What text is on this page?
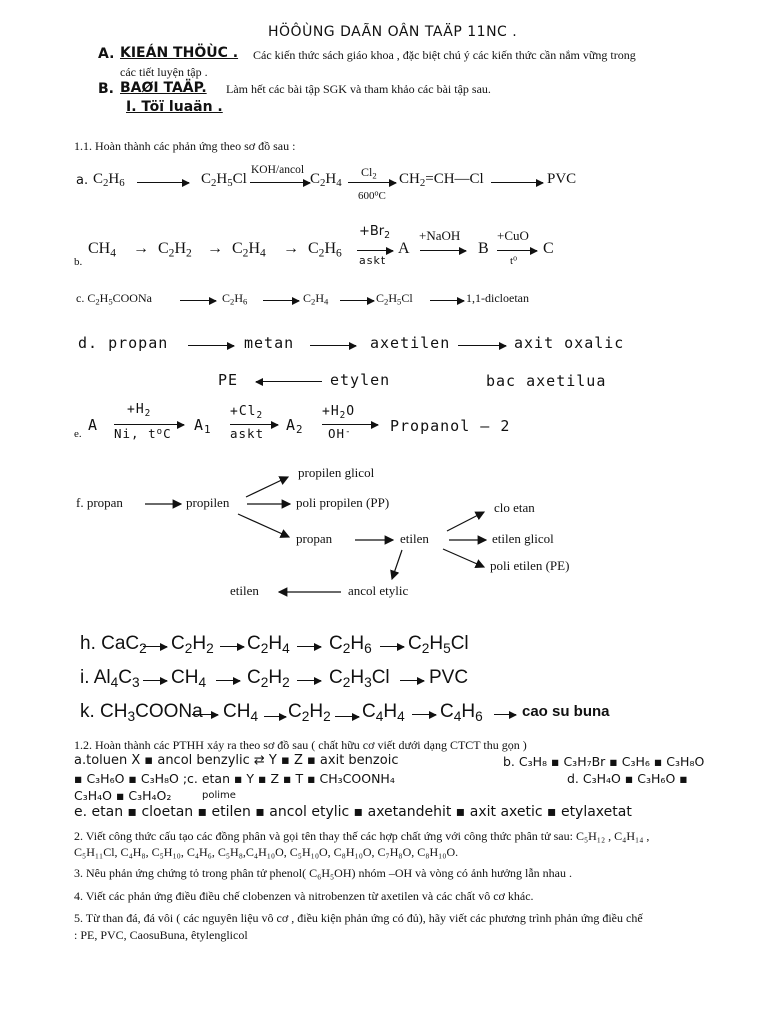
HÖÔÙNG DAÃN OÂN TAÄP 11NC .
A. KIEÁN THÖÙC . Các kiến thức sách giáo khoa , đặc biệt chú ý các kiến thức cần nắm vững trong
các tiết luyện tập .
B. BAØI TAÄP. Làm hết các bài tập SGK và tham khảo các bài tập sau.
I. Töï luaän .
1.1. Hoàn thành các phản ứng theo sơ đồ sau :
a. $C_2H_6$	$C_2H_5Cl$
KOH/ancol
$C_2H_4$
$Cl_2$
600$^o$C
$CH_2=CH—Cl$	PVC
b.
$CH_4 \to C_2H_2 \to C_2H_4 \to C_2H_6$
$+Br_2$
askt
A
+NaOH
B
+CuO
$t^o$
C
c. $C_2H_5COONa$	$C_2H_6$	$C_2H_4$	$C_2H_5Cl$	1,1-dicloetan
d. propan	metan	axetilen	axit oxalic
PE	etylen	bac axetilua
e. A
$+H_2$
Ni, $t^oC$ $A_1$
$+Cl_2$
askt $A_2$
$+H_2O$
OH-	Propanol – 2
f. propan	propilen
propilen glicol
poli propilen (PP)
propan	etilen
clo etan
etilen glicol
poli etilen (PE)
etilen	ancol etylic
h. CaC$_2$ $C_2H_2$ $C_2H_4$ $C_2H_6$ $C_2H_5Cl$
i. $Al_4C_3$ $CH_4$ $C_2H_2$ $C_2H_3Cl$ PVC
k. $CH_3COONa$ $CH_4$ $C_2H_2$ $C_4H_4$ $C_4H_6$	cao su buna
1.2. Hoàn thành các PTHH xảy ra theo sơ đồ sau ( chất hữu cơ viết dưới dạng CTCT thu gọn )
a.toluen X ▪ ancol benzylic ⇄ Y ▪ Z ▪ axit benzoic	b. C₃H₈ ▪ C₃H₇Br ▪ C₃H₆ ▪ C₃H₈O
▪ C₃H₆O ▪ C₃H₈O ;c. etan ▪ Y ▪ Z ▪ T ▪ CH₃COONH₄	d. C₃H₄O ▪ C₃H₆O ▪
C₃H₄O ▪ C₃H₄O₂	polime
e. etan ▪ cloetan ▪ etilen ▪ ancol etylic ▪ axetandehit ▪ axit axetic ▪ etylaxetat
2. Viết công thức cấu tạo các đồng phân và gọi tên thay thế các hợp chất ứng với công thức phân tử sau: C₅H₁₂ , C₄H₁₄ ,
C₅H₁₁Cl, C₄H₈, C₅H₁₀, C₄H₆, C₅H₈,C₄H₁₀O, C₅H₁₀O, C₈H₁₀O, C₇H₈O, C₈H₁₀O.
3. Nêu phản ứng chứng tỏ trong phân tử phenol( C₆H₅OH) nhóm –OH và vòng có ảnh hưởng lẫn nhau .
4. Viết các phản ứng điều điều chế clobenzen và nitrobenzen từ axetilen và các chất vô cơ khác.
5. Từ than đá, đá vôi ( các nguyên liệu vô cơ , điều kiện phản ứng có đủ), hãy viết các phương trình phản ứng điều chế
: PE, PVC, CaosuBuna, êtylenglicol
